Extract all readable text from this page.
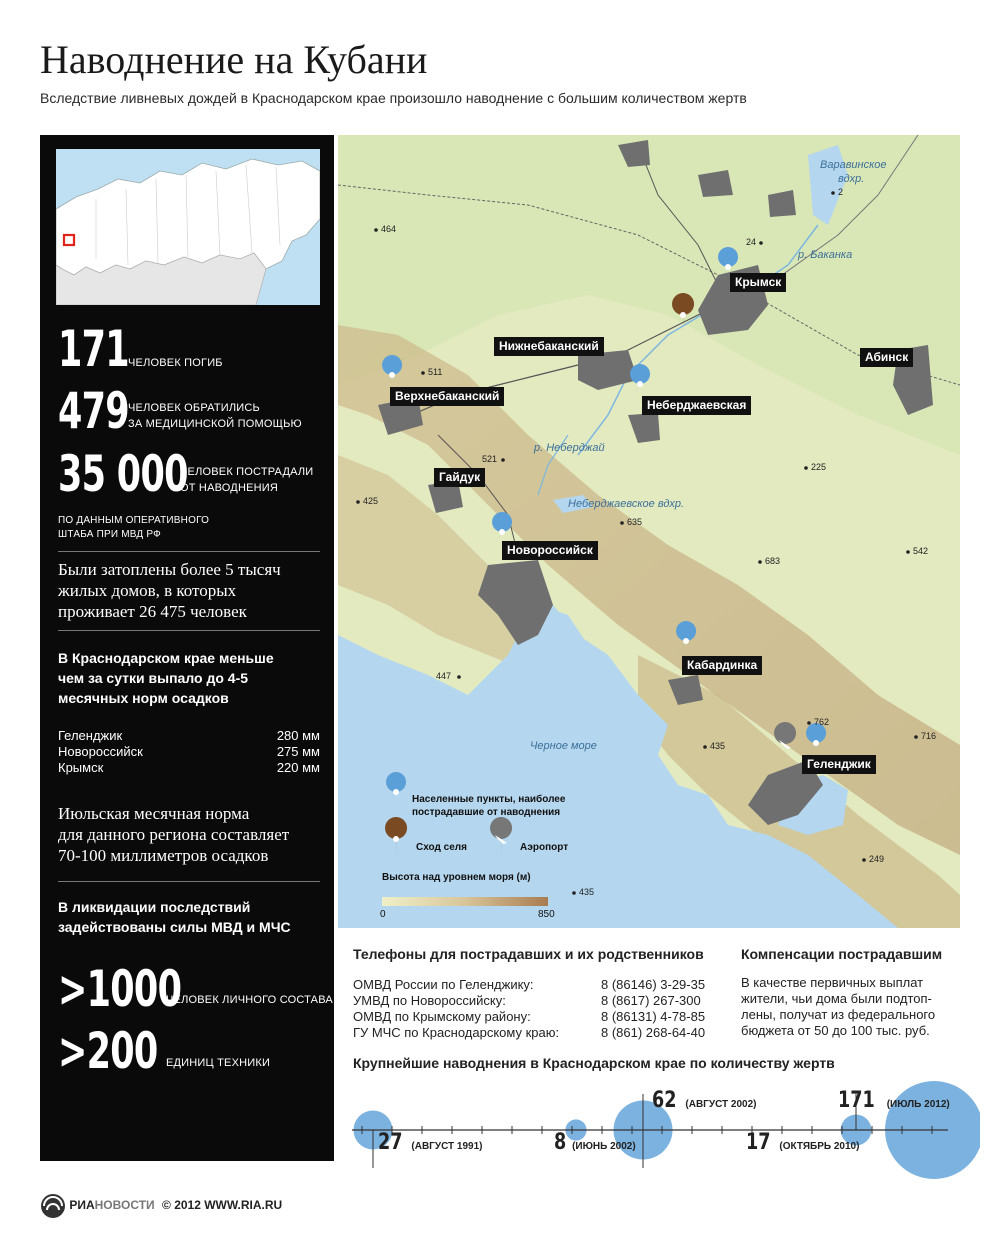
Наводнение на Кубани
Вследствие ливневых дождей в Краснодарском крае произошло наводнение с большим количеством жертв
171 ЧЕЛОВЕК ПОГИБ
479 ЧЕЛОВЕК ОБРАТИЛИСЬ
ЗА МЕДИЦИНСКОЙ ПОМОЩЬЮ
35 000
ЧЕЛОВЕК ПОСТРАДАЛИ
ОТ НАВОДНЕНИЯ
ПО ДАННЫМ ОПЕРАТИВНОГО
ШТАБА ПРИ МВД РФ
Были затоплены более 5 тысяч
жилых домов, в которых
проживает 26 475 человек
В Краснодарском крае меньше
чем за сутки выпало до 4-5
месячных норм осадков
Геленджик	280 мм
Новороссийск	275 мм
Крымск	220 мм
Июльская месячная норма
для данного региона составляет
70-100 миллиметров осадков
В ликвидации последствий
задействованы силы МВД и МЧС
>1000
ЧЕЛОВЕК ЛИЧНОГО СОСТАВА
>200 ЕДИНИЦ ТЕХНИКИ
Крымск
Абинск
Нижнебаканский
Верхнебаканский
Неберджаевская
Гайдук
Новороссийск
Кабардинка
Геленджик
Варавинское
вдхр.
р. Баканка
р. Неберджай
Неберджаевское вдхр.
Черное море
464
2
24
511
521
225
425
635
683
542
447
762
435
716
249
435
Населенные пункты, наиболее
пострадавшие от наводнения
Сход селя	Аэропорт
Высота над уровнем моря (м)
0	850
Телефоны для пострадавших и их родственников
ОМВД России по Геленджику:	8 (86146) 3-29-35
УМВД по Новороссийску:	8 (8617) 267-300
ОМВД по Крымскому району:	8 (86131) 4-78-85
ГУ МЧС по Краснодарскому краю:	8 (861) 268-64-40
Компенсации пострадавшим
В качестве первичных выплат
жители, чьи дома были подтоп-
лены, получат из федерального
бюджета от 50 до 100 тыс. руб.
Крупнейшие наводнения в Краснодарском крае по количеству жертв
27 (АВГУСТ 1991)	8 (ИЮНЬ 2002)
62 (АВГУСТ 2002)
17 (ОКТЯБРЬ 2010)
171 (ИЮЛЬ 2012)
РИАНОВОСТИ © 2012 WWW.RIA.RU
